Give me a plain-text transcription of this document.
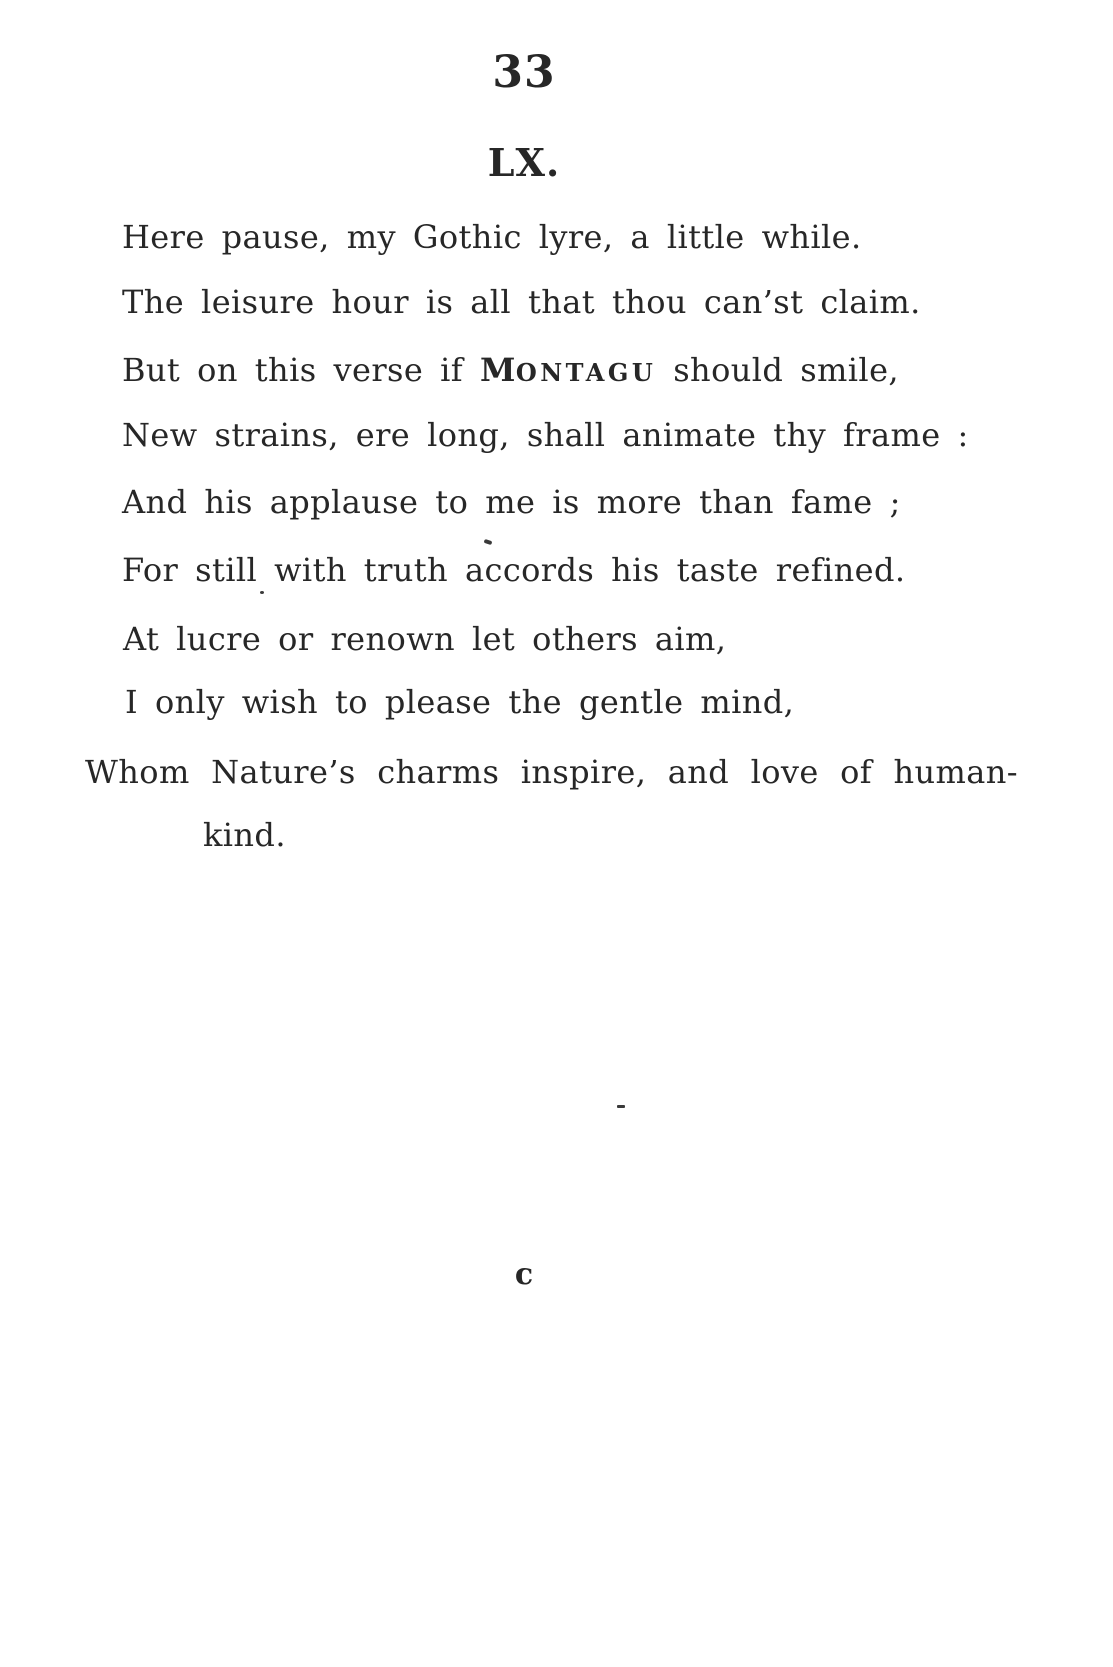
33
LX.
Here pause, my Gothic lyre, a little while.
The leisure hour is all that thou can’st claim.
But on this verse if MONTAGU should smile,
New strains, ere long, shall animate thy frame :
And his applause to me is more than fame ;
For still with truth accords his taste refined.
At lucre or renown let others aim,
I only wish to please the gentle mind,
Whom Nature’s charms inspire, and love of human-
kind.
c
